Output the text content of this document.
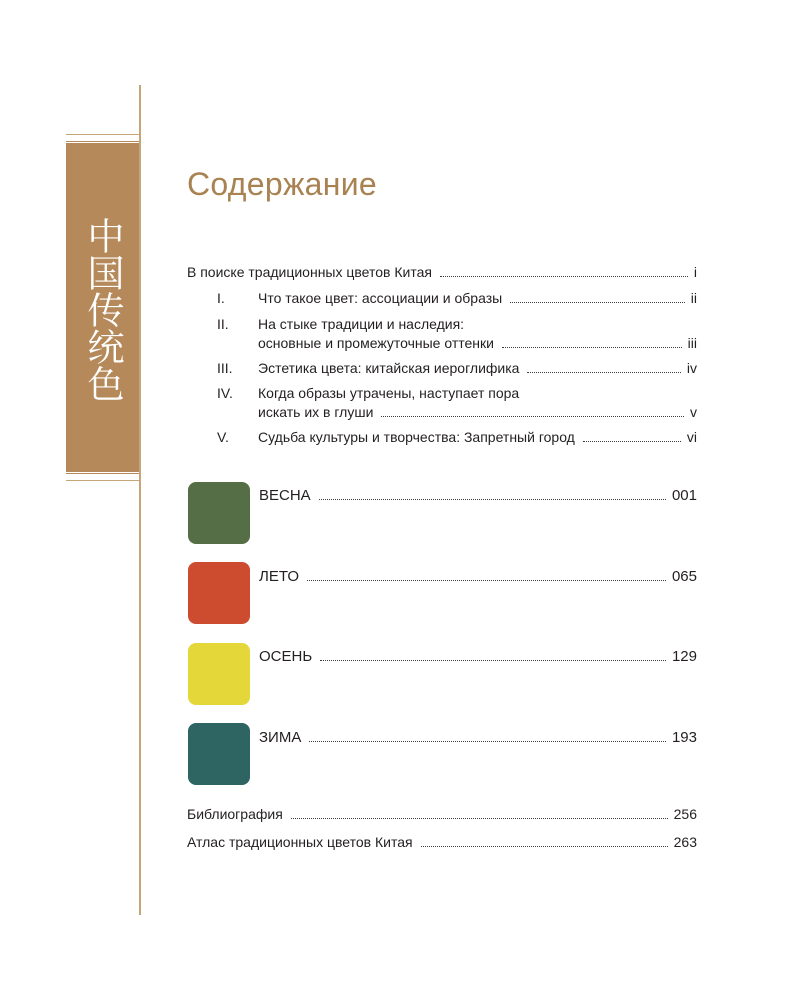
中国传统色
Содержание
В поиске традиционных цветов Китая	i
I. Что такое цвет: ассоциации и образы	ii
II. На стыке традиции и наследия:
основные и промежуточные оттенки	iii
III. Эстетика цвета: китайская иероглифика	iv
IV. Когда образы утрачены, наступает пора
искать их в глуши	v
V. Судьба культуры и творчества: Запретный город	vi
ВЕСНА	001
ЛЕТО	065
ОСЕНЬ	129
ЗИМА	193
Библиография	256
Атлас традиционных цветов Китая	263
